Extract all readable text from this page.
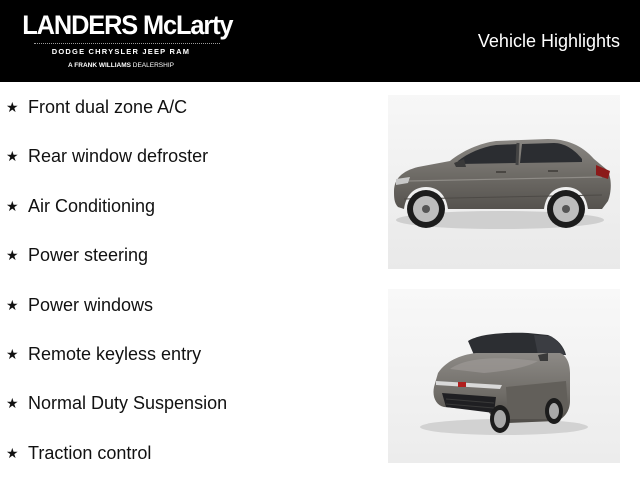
LANDERS McLarty
DODGE CHRYSLER JEEP RAM
A FRANK WILLIAMS DEALERSHIP
Vehicle Highlights
★ Front dual zone A/C
★ Rear window defroster
★ Air Conditioning
★ Power steering
★ Power windows
★ Remote keyless entry
★ Normal Duty Suspension
★ Traction control
